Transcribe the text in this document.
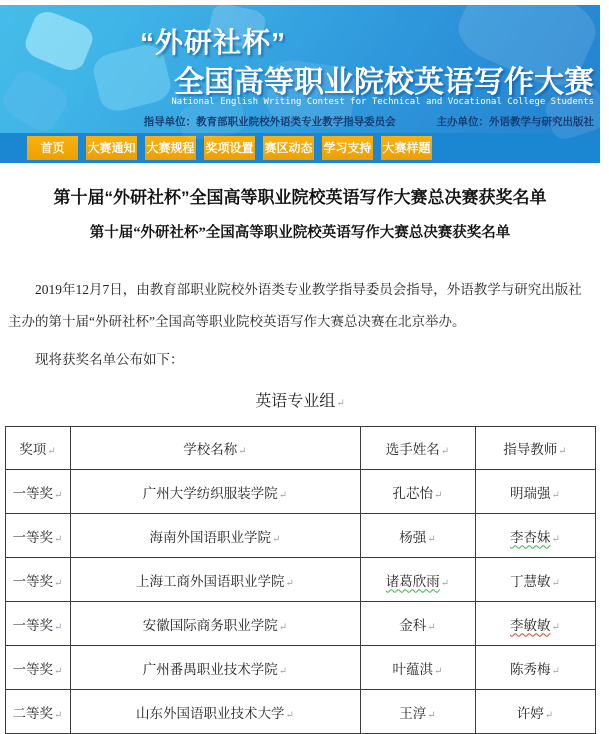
“外研社杯”
全国高等职业院校英语写作大赛
National English Writing Contest for Technical and Vocational College Students
指导单位：教育部职业院校外语类专业教学指导委员会	主办单位：外语教学与研究出版社
首页	大赛通知 大赛规程 奖项设置 赛区动态 学习支持 大赛样题
第十届“外研社杯”全国高等职业院校英语写作大赛总决赛获奖名单
第十届“外研社杯”全国高等职业院校英语写作大赛总决赛获奖名单

2019年12月7日，由教育部职业院校外语类专业教学指导委员会指导，外语教学与研究出版社主办的第十届“外研社杯”全国高等职业院校英语写作大赛总决赛在北京举办。

现将获奖名单公布如下：

英语专业组↵
奖项↵	学校名称↵	选手姓名↵	指导教师↵
一等奖↵	广州大学纺织服装学院↵	孔芯怡↵	明瑞强↵
一等奖↵	海南外国语职业学院↵	杨强↵	李杏妹↵
一等奖↵	上海工商外国语职业学院↵	诸葛欣雨↵	丁慧敏↵
一等奖↵	安徽国际商务职业学院↵	金科↵	李敏敏↵
一等奖↵	广州番禺职业技术学院↵	叶蕴淇↵	陈秀梅↵
二等奖↵	山东外国语职业技术大学↵	王淳↵	许婷↵
